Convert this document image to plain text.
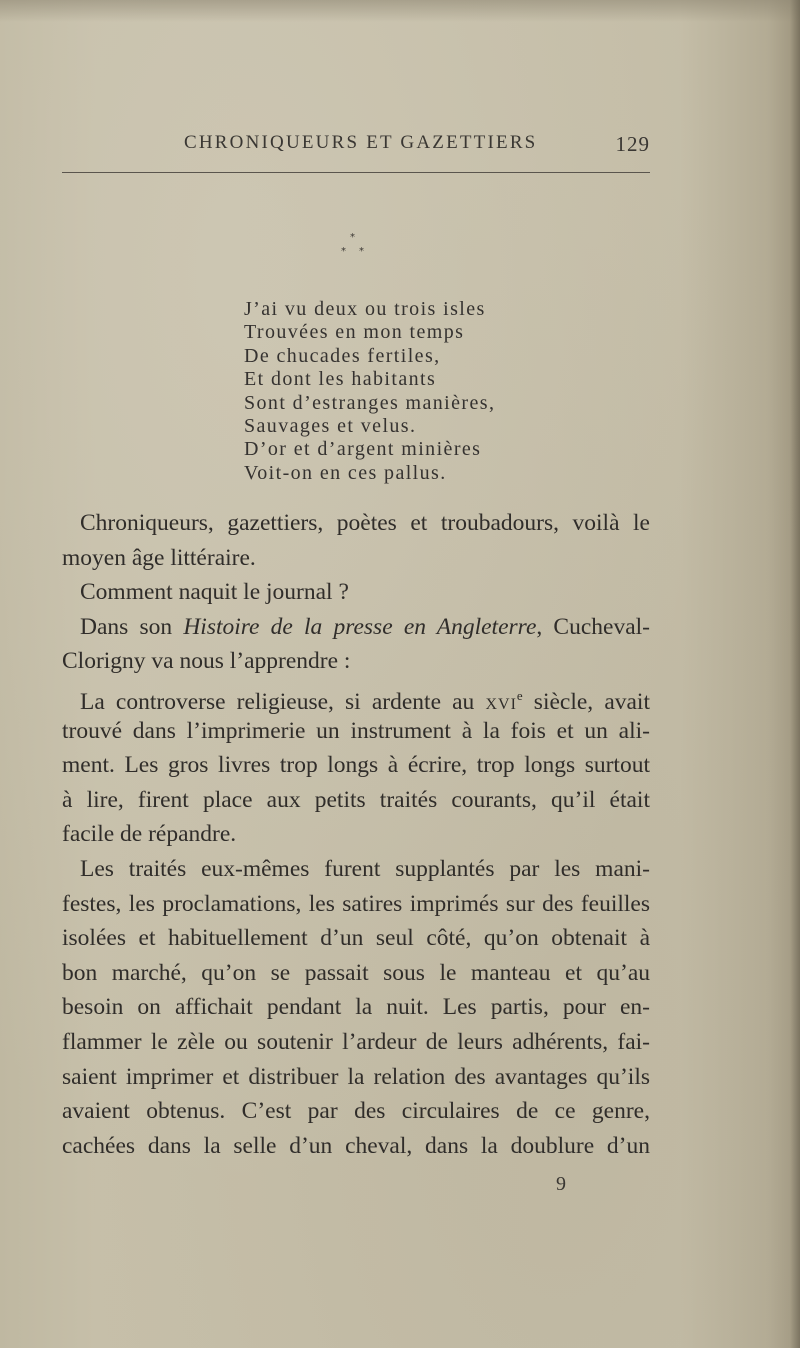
CHRONIQUEURS ET GAZETTIERS	129
*
* *
J’ai vu deux ou trois isles
Trouvées en mon temps
De chucades fertiles,
Et dont les habitants
Sont d’estranges manières,
Sauvages et velus.
D’or et d’argent minières
Voit-on en ces pallus.
Chroniqueurs, gazettiers, poètes et troubadours, voilà le
moyen âge littéraire.
Comment naquit le journal ?
Dans son Histoire de la presse en Angleterre, Cucheval-
Clorigny va nous l’apprendre :
La controverse religieuse, si ardente au xvi$^e$ siècle, avait
trouvé dans l’imprimerie un instrument à la fois et un ali-
ment. Les gros livres trop longs à écrire, trop longs surtout
à lire, firent place aux petits traités courants, qu’il était
facile de répandre.
Les traités eux-mêmes furent supplantés par les mani-
festes, les proclamations, les satires imprimés sur des feuilles
isolées et habituellement d’un seul côté, qu’on obtenait à
bon marché, qu’on se passait sous le manteau et qu’au
besoin on affichait pendant la nuit. Les partis, pour en-
flammer le zèle ou soutenir l’ardeur de leurs adhérents, fai-
saient imprimer et distribuer la relation des avantages qu’ils
avaient obtenus. C’est par des circulaires de ce genre,
cachées dans la selle d’un cheval, dans la doublure d’un
9
